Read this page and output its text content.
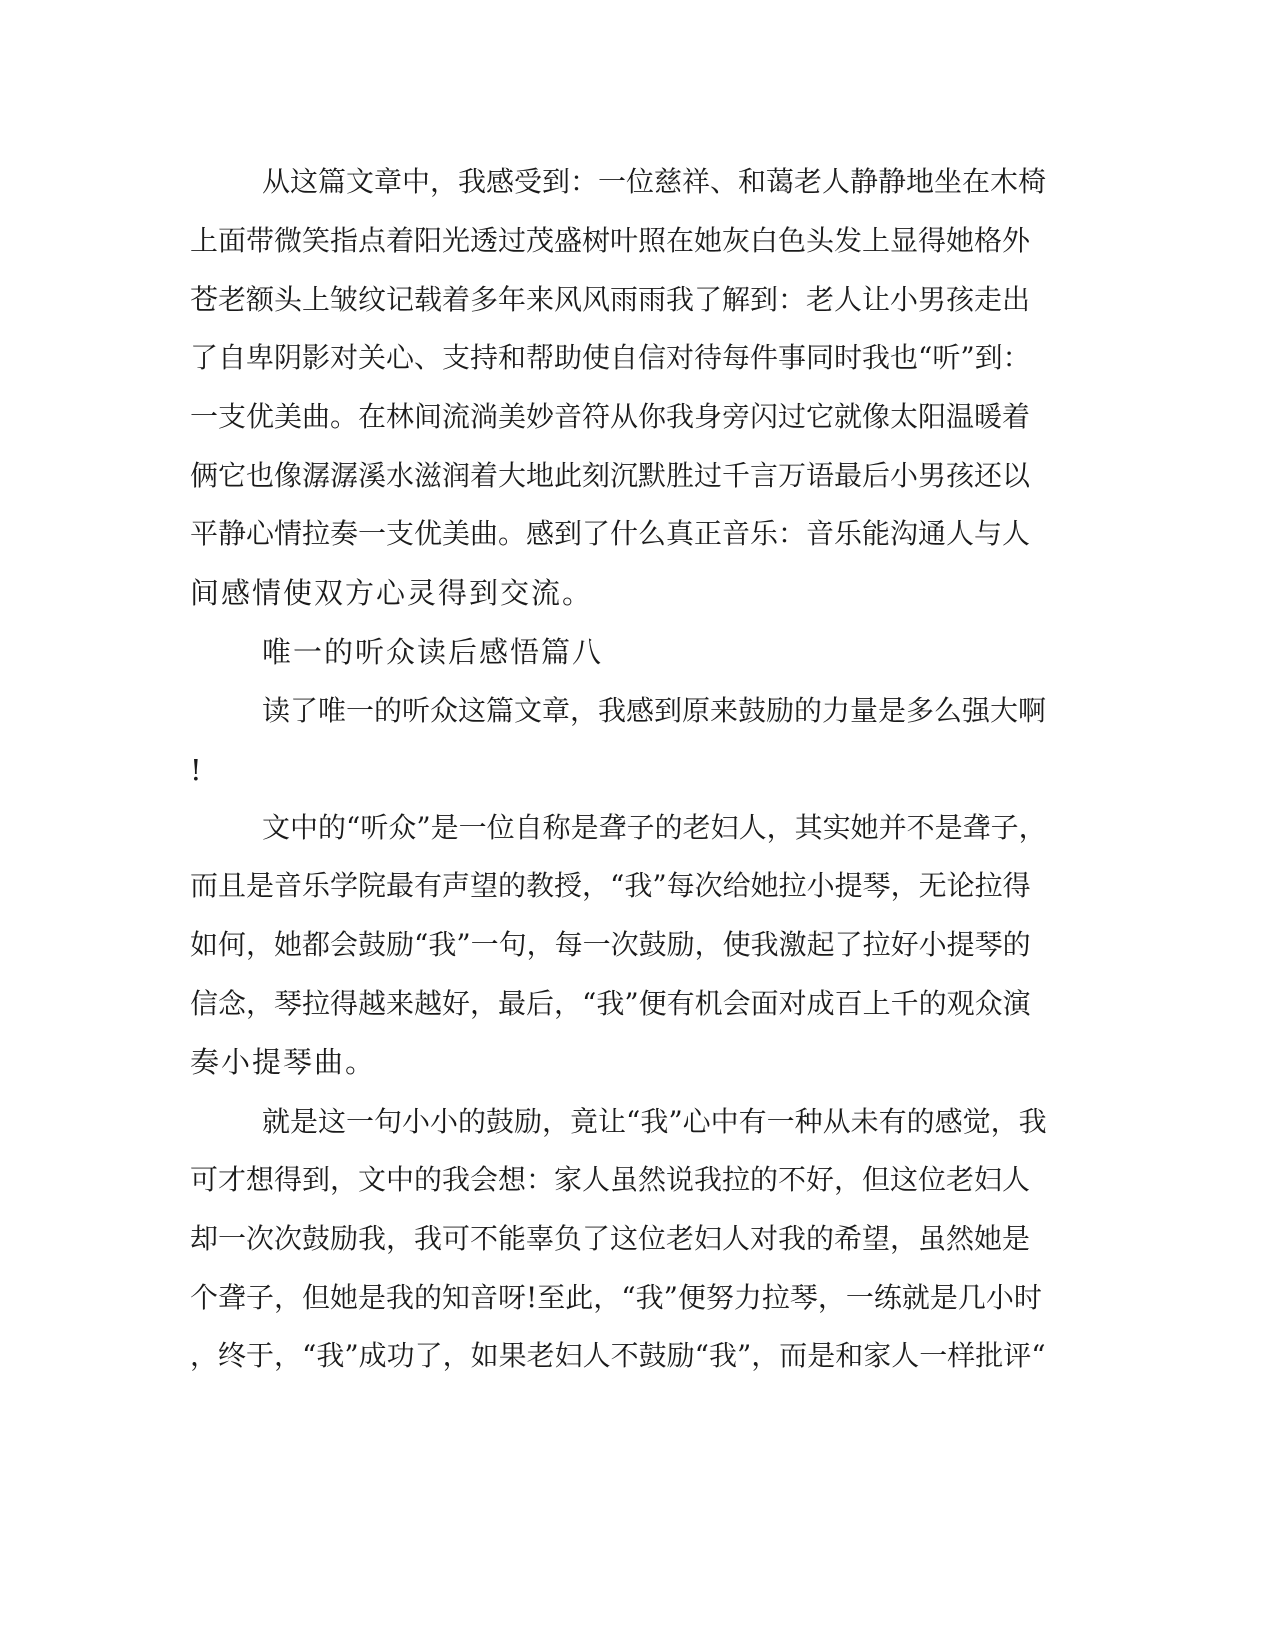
从这篇文章中，我感受到：一位慈祥、和蔼老人静静地坐在木椅
上面带微笑指点着阳光透过茂盛树叶照在她灰白色头发上显得她格外
苍老额头上皱纹记载着多年来风风雨雨我了解到：老人让小男孩走出
了自卑阴影对关心、支持和帮助使自信对待每件事同时我也“听”到：
一支优美曲。在林间流淌美妙音符从你我身旁闪过它就像太阳温暖着
俩它也像潺潺溪水滋润着大地此刻沉默胜过千言万语最后小男孩还以
平静心情拉奏一支优美曲。感到了什么真正音乐：音乐能沟通人与人
间感情使双方心灵得到交流。
唯一的听众读后感悟篇八
读了唯一的听众这篇文章，我感到原来鼓励的力量是多么强大啊
!
文中的“听众”是一位自称是聋子的老妇人，其实她并不是聋子，
而且是音乐学院最有声望的教授，“我”每次给她拉小提琴，无论拉得
如何，她都会鼓励“我”一句，每一次鼓励，使我激起了拉好小提琴的
信念，琴拉得越来越好，最后，“我”便有机会面对成百上千的观众演
奏小提琴曲。
就是这一句小小的鼓励，竟让“我”心中有一种从未有的感觉，我
可才想得到，文中的我会想：家人虽然说我拉的不好，但这位老妇人
却一次次鼓励我，我可不能辜负了这位老妇人对我的希望，虽然她是
个聋子，但她是我的知音呀!至此，“我”便努力拉琴，一练就是几小时
，终于，“我”成功了，如果老妇人不鼓励“我”，而是和家人一样批评“
